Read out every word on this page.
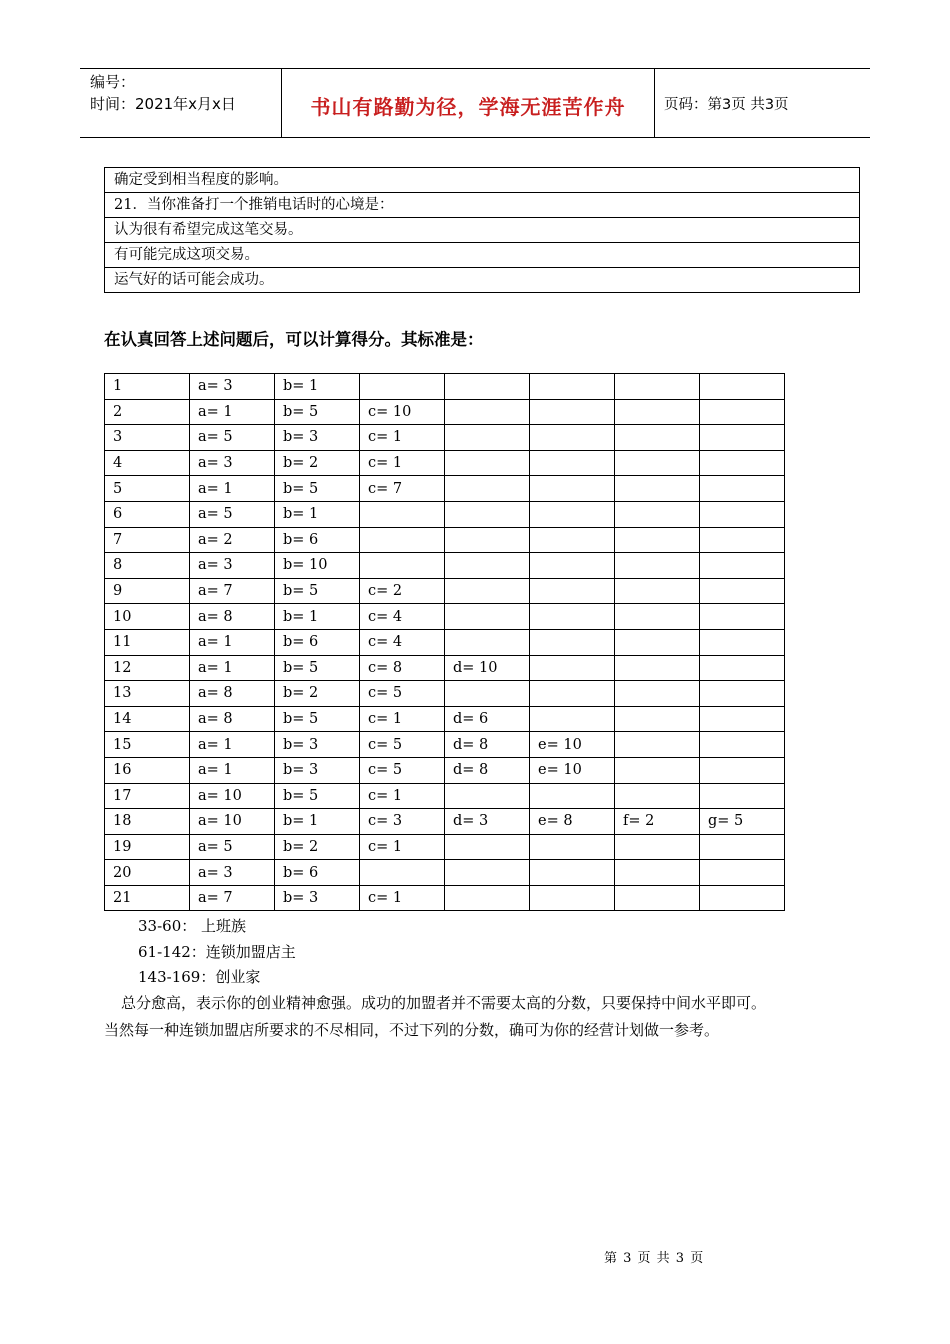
编号：
时间：2021年x月x日	书山有路勤为径，学海无涯苦作舟	页码：第3页 共3页
确定受到相当程度的影响。
21．当你准备打一个推销电话时的心境是：
认为很有希望完成这笔交易。
有可能完成这项交易。
运气好的话可能会成功。
在认真回答上述问题后，可以计算得分。其标准是：
1	a= 3	b= 1					
2	a= 1	b= 5	c= 10				
3	a= 5	b= 3	c= 1				
4	a= 3	b= 2	c= 1				
5	a= 1	b= 5	c= 7				
6	a= 5	b= 1					
7	a= 2	b= 6					
8	a= 3	b= 10					
9	a= 7	b= 5	c= 2				
10	a= 8	b= 1	c= 4				
11	a= 1	b= 6	c= 4				
12	a= 1	b= 5	c= 8	d= 10			
13	a= 8	b= 2	c= 5				
14	a= 8	b= 5	c= 1	d= 6			
15	a= 1	b= 3	c= 5	d= 8	e= 10		
16	a= 1	b= 3	c= 5	d= 8	e= 10		
17	a= 10	b= 5	c= 1				
18	a= 10	b= 1	c= 3	d= 3	e= 8	f= 2	g= 5
19	a= 5	b= 2	c= 1				
20	a= 3	b= 6					
21	a= 7	b= 3	c= 1				
33-60： 上班族
61-142：连锁加盟店主
143-169：创业家

总分愈高，表示你的创业精神愈强。成功的加盟者并不需要太高的分数，只要保持中间水平即可。

当然每一种连锁加盟店所要求的不尽相同，不过下列的分数，确可为你的经营计划做一参考。

第 3 页 共 3 页
